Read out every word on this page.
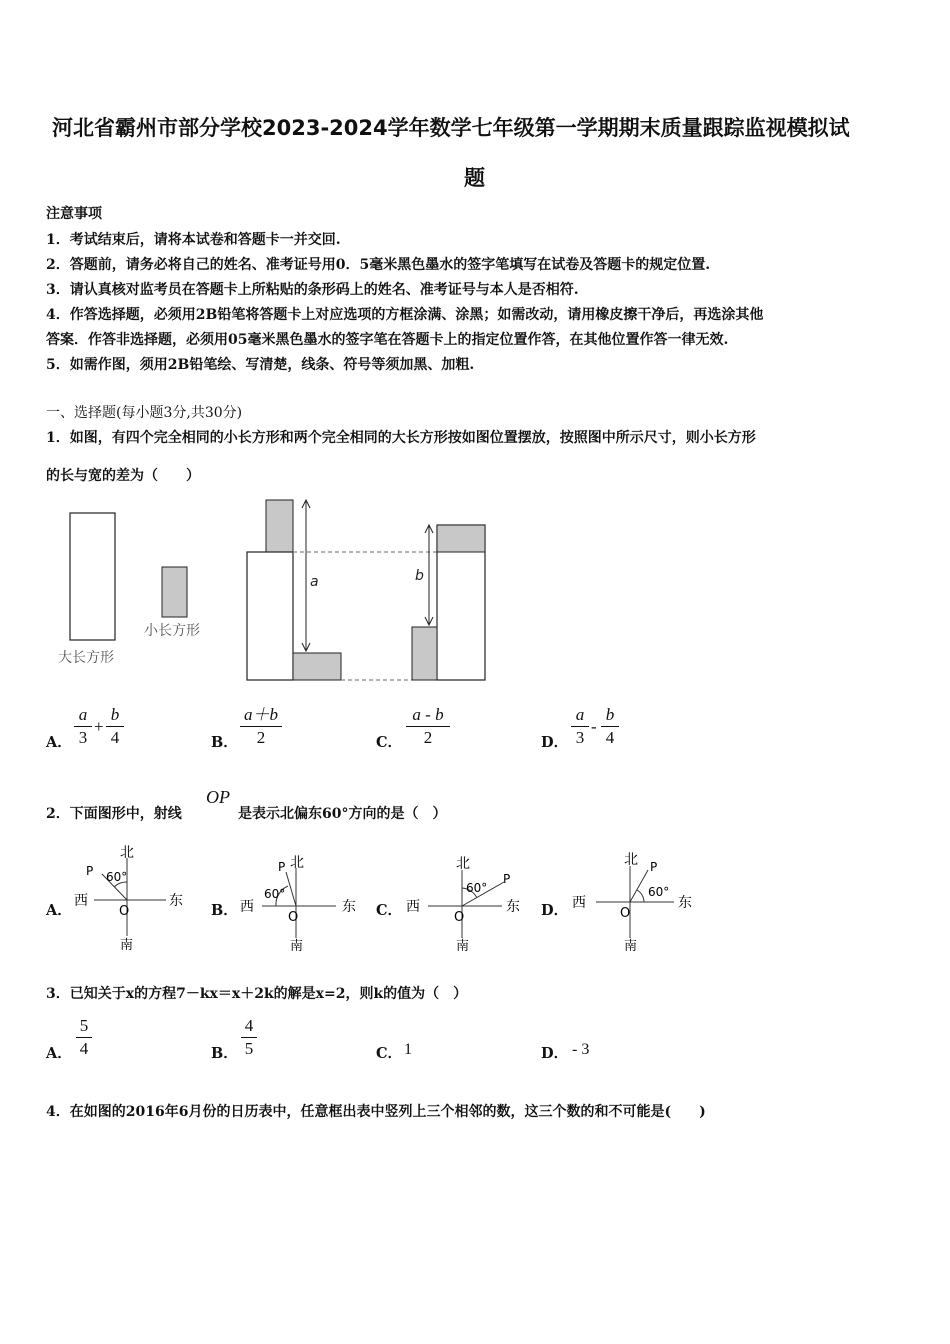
河北省霸州市部分学校2023-2024学年数学七年级第一学期期末质量跟踪监视模拟试
题
注意事项
1．考试结束后，请将本试卷和答题卡一并交回.
2．答题前，请务必将自己的姓名、准考证号用0．5毫米黑色墨水的签字笔填写在试卷及答题卡的规定位置.
3．请认真核对监考员在答题卡上所粘贴的条形码上的姓名、准考证号与本人是否相符.
4．作答选择题，必须用2B铅笔将答题卡上对应选项的方框涂满、涂黑；如需改动，请用橡皮擦干净后，再选涂其他
答案．作答非选择题，必须用05毫米黑色墨水的签字笔在答题卡上的指定位置作答，在其他位置作答一律无效.
5．如需作图，须用2B铅笔绘、写清楚，线条、符号等须加黑、加粗.
一、选择题(每小题3分,共30分)
1．如图，有四个完全相同的小长方形和两个完全相同的大长方形按如图位置摆放，按照图中所示尺寸，则小长方形
的长与宽的差为（　　）
大长方形
小长方形
a	b
A．
a
3
+
b
4	B．
a＋b
2	C．
a - b
2	D．
a
3
-
b
4
2．下面图形中，射线
OP
是表示北偏东60°方向的是（　）
A．	B．	C．	D．
北
南
东
西
O
P 60°
北
南
东
西
O
P
60°
北
南
东
西
O
P
60°
北
南
东
西
O
P
60°
3．已知关于x的方程7－kx＝x＋2k的解是x=2，则k的值为（　）
A．
5
4	B．
4
5	C． 1	D． - 3
4．在如图的2016年6月份的日历表中，任意框出表中竖列上三个相邻的数，这三个数的和不可能是(　　)
